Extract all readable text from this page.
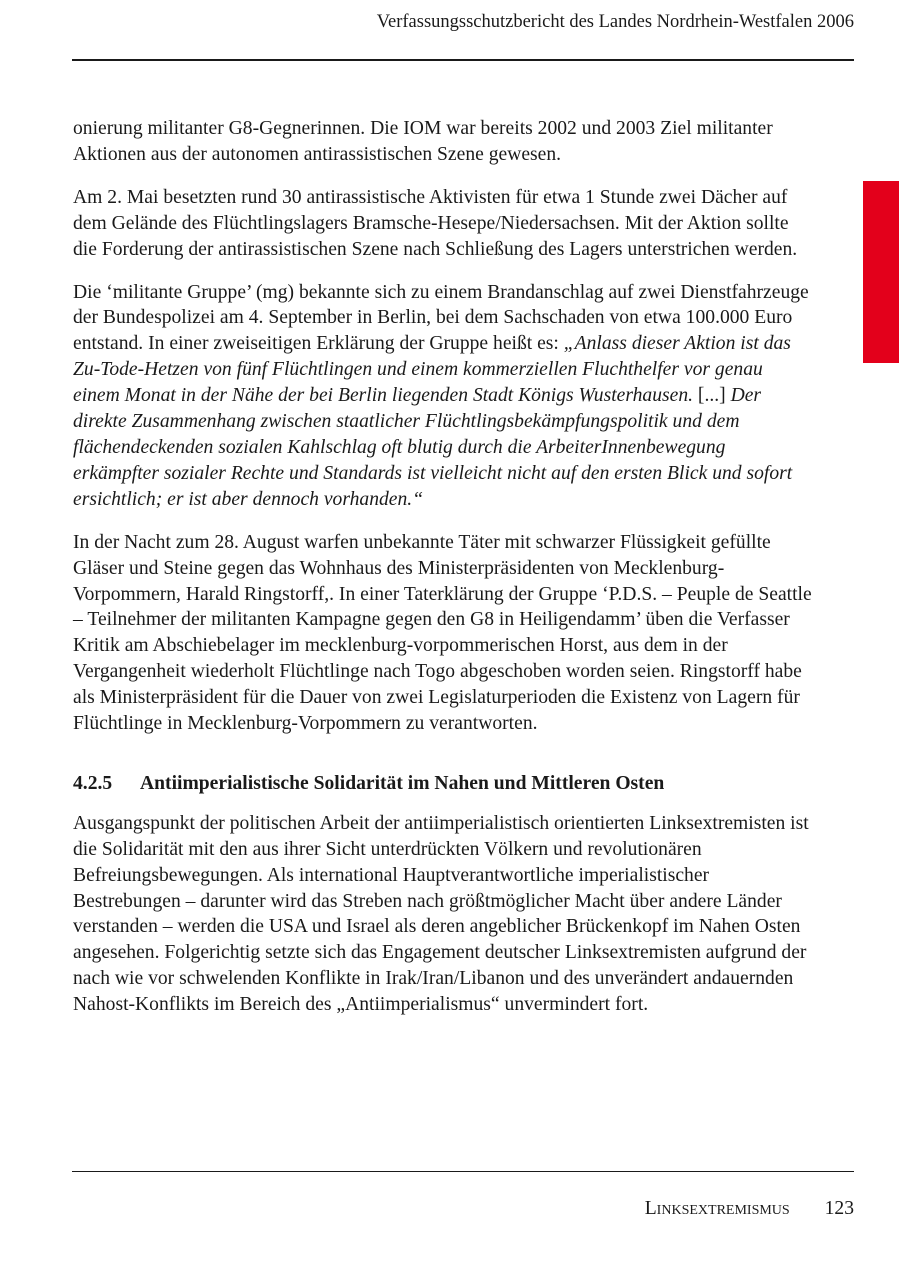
Verfassungsschutzbericht des Landes Nordrhein-Westfalen 2006

onierung militanter G8-Gegnerinnen. Die IOM war bereits 2002 und 2003 Ziel militanter Aktionen aus der autonomen antirassistischen Szene gewesen.

Am 2. Mai besetzten rund 30 antirassistische Aktivisten für etwa 1 Stunde zwei Dächer auf dem Gelände des Flüchtlingslagers Bramsche-Hesepe/Niedersachsen. Mit der Aktion sollte die Forderung der antirassistischen Szene nach Schließung des Lagers unterstrichen werden.

Die ‘militante Gruppe’ (mg) bekannte sich zu einem Brandanschlag auf zwei Dienstfahrzeuge der Bundespolizei am 4. September in Berlin, bei dem Sachschaden von etwa 100.000 Euro entstand. In einer zweiseitigen Erklärung der Gruppe heißt es: „Anlass dieser Aktion ist das Zu-Tode-Hetzen von fünf Flüchtlingen und einem kommerziellen Fluchthelfer vor genau einem Monat in der Nähe der bei Berlin liegenden Stadt Königs Wusterhausen. [...] Der direkte Zusammenhang zwischen staatlicher Flüchtlingsbekämpfungspolitik und dem flächendeckenden sozialen Kahlschlag oft blutig durch die ArbeiterInnenbewegung erkämpfter sozialer Rechte und Standards ist vielleicht nicht auf den ersten Blick und sofort ersichtlich; er ist aber dennoch vorhanden.“

In der Nacht zum 28. August warfen unbekannte Täter mit schwarzer Flüssigkeit gefüllte Gläser und Steine gegen das Wohnhaus des Ministerpräsidenten von Mecklenburg-Vorpommern, Harald Ringstorff,. In einer Taterklärung der Gruppe ‘P.D.S. – Peuple de Seattle – Teilnehmer der militanten Kampagne gegen den G8 in Heiligendamm’ üben die Verfasser Kritik am Abschiebelager im mecklenburg-vorpommerischen Horst, aus dem in der Vergangenheit wiederholt Flüchtlinge nach Togo abgeschoben worden seien. Ringstorff habe als Ministerpräsident für die Dauer von zwei Legislaturperioden die Existenz von Lagern für Flüchtlinge in Mecklenburg-Vorpommern zu verantworten.

4.2.5 Antiimperialistische Solidarität im Nahen und Mittleren Osten

Ausgangspunkt der politischen Arbeit der antiimperialistisch orientierten Linksextremisten ist die Solidarität mit den aus ihrer Sicht unterdrückten Völkern und revolutionären Befreiungsbewegungen. Als international Hauptverantwortliche imperialistischer Bestrebungen – darunter wird das Streben nach größtmöglicher Macht über andere Länder verstanden – werden die USA und Israel als deren angeblicher Brückenkopf im Nahen Osten angesehen. Folgerichtig setzte sich das Engagement deutscher Linksextremisten aufgrund der nach wie vor schwelenden Konflikte in Irak/Iran/Libanon und des unverändert andauernden Nahost-Konflikts im Bereich des „Antiimperialismus“ unvermindert fort.

Linksextremismus 123
